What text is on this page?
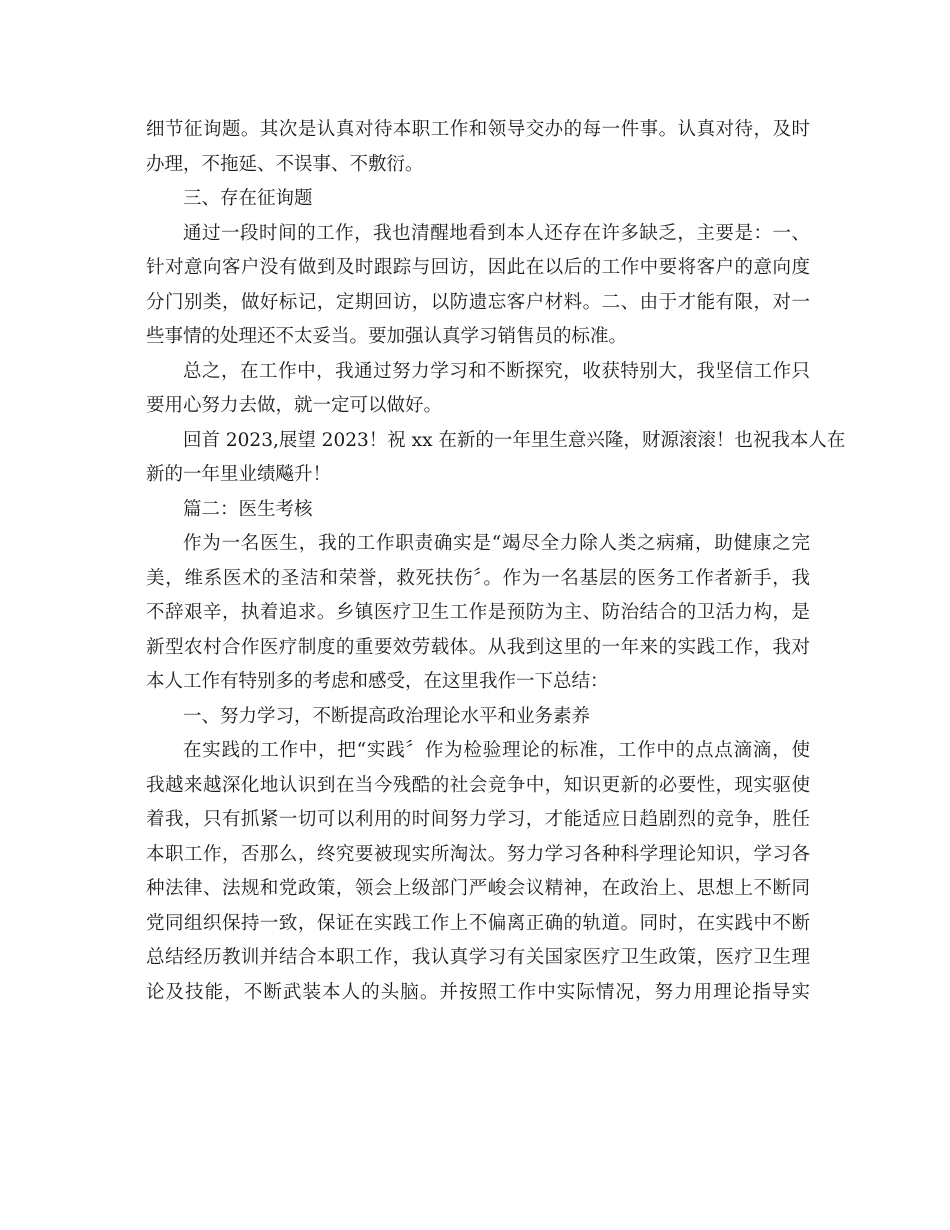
细节征询题。其次是认真对待本职工作和领导交办的每一件事。认真对待，及时
办理，不拖延、不误事、不敷衍。
三、存在征询题
通过一段时间的工作，我也清醒地看到本人还存在许多缺乏，主要是：一、
针对意向客户没有做到及时跟踪与回访，因此在以后的工作中要将客户的意向度
分门别类，做好标记，定期回访，以防遗忘客户材料。二、由于才能有限，对一
些事情的处理还不太妥当。要加强认真学习销售员的标准。
总之，在工作中，我通过努力学习和不断探究，收获特别大，我坚信工作只
要用心努力去做，就一定可以做好。
回首 2023,展望 2023！祝 xx 在新的一年里生意兴隆，财源滚滚！也祝我本人在
新的一年里业绩飚升！
篇二：医生考核
作为一名医生，我的工作职责确实是“竭尽全力除人类之病痛，助健康之完
美，维系医术的圣洁和荣誉，救死扶伤〞。作为一名基层的医务工作者新手，我
不辞艰辛，执着追求。乡镇医疗卫生工作是预防为主、防治结合的卫活力构，是
新型农村合作医疗制度的重要效劳载体。从我到这里的一年来的实践工作，我对
本人工作有特别多的考虑和感受，在这里我作一下总结：
一、努力学习，不断提高政治理论水平和业务素养
在实践的工作中，把“实践〞作为检验理论的标准，工作中的点点滴滴，使
我越来越深化地认识到在当今残酷的社会竞争中，知识更新的必要性，现实驱使
着我，只有抓紧一切可以利用的时间努力学习，才能适应日趋剧烈的竞争，胜任
本职工作，否那么，终究要被现实所淘汰。努力学习各种科学理论知识，学习各
种法律、法规和党政策，领会上级部门严峻会议精神，在政治上、思想上不断同
党同组织保持一致，保证在实践工作上不偏离正确的轨道。同时，在实践中不断
总结经历教训并结合本职工作，我认真学习有关国家医疗卫生政策，医疗卫生理
论及技能，不断武装本人的头脑。并按照工作中实际情况，努力用理论指导实
